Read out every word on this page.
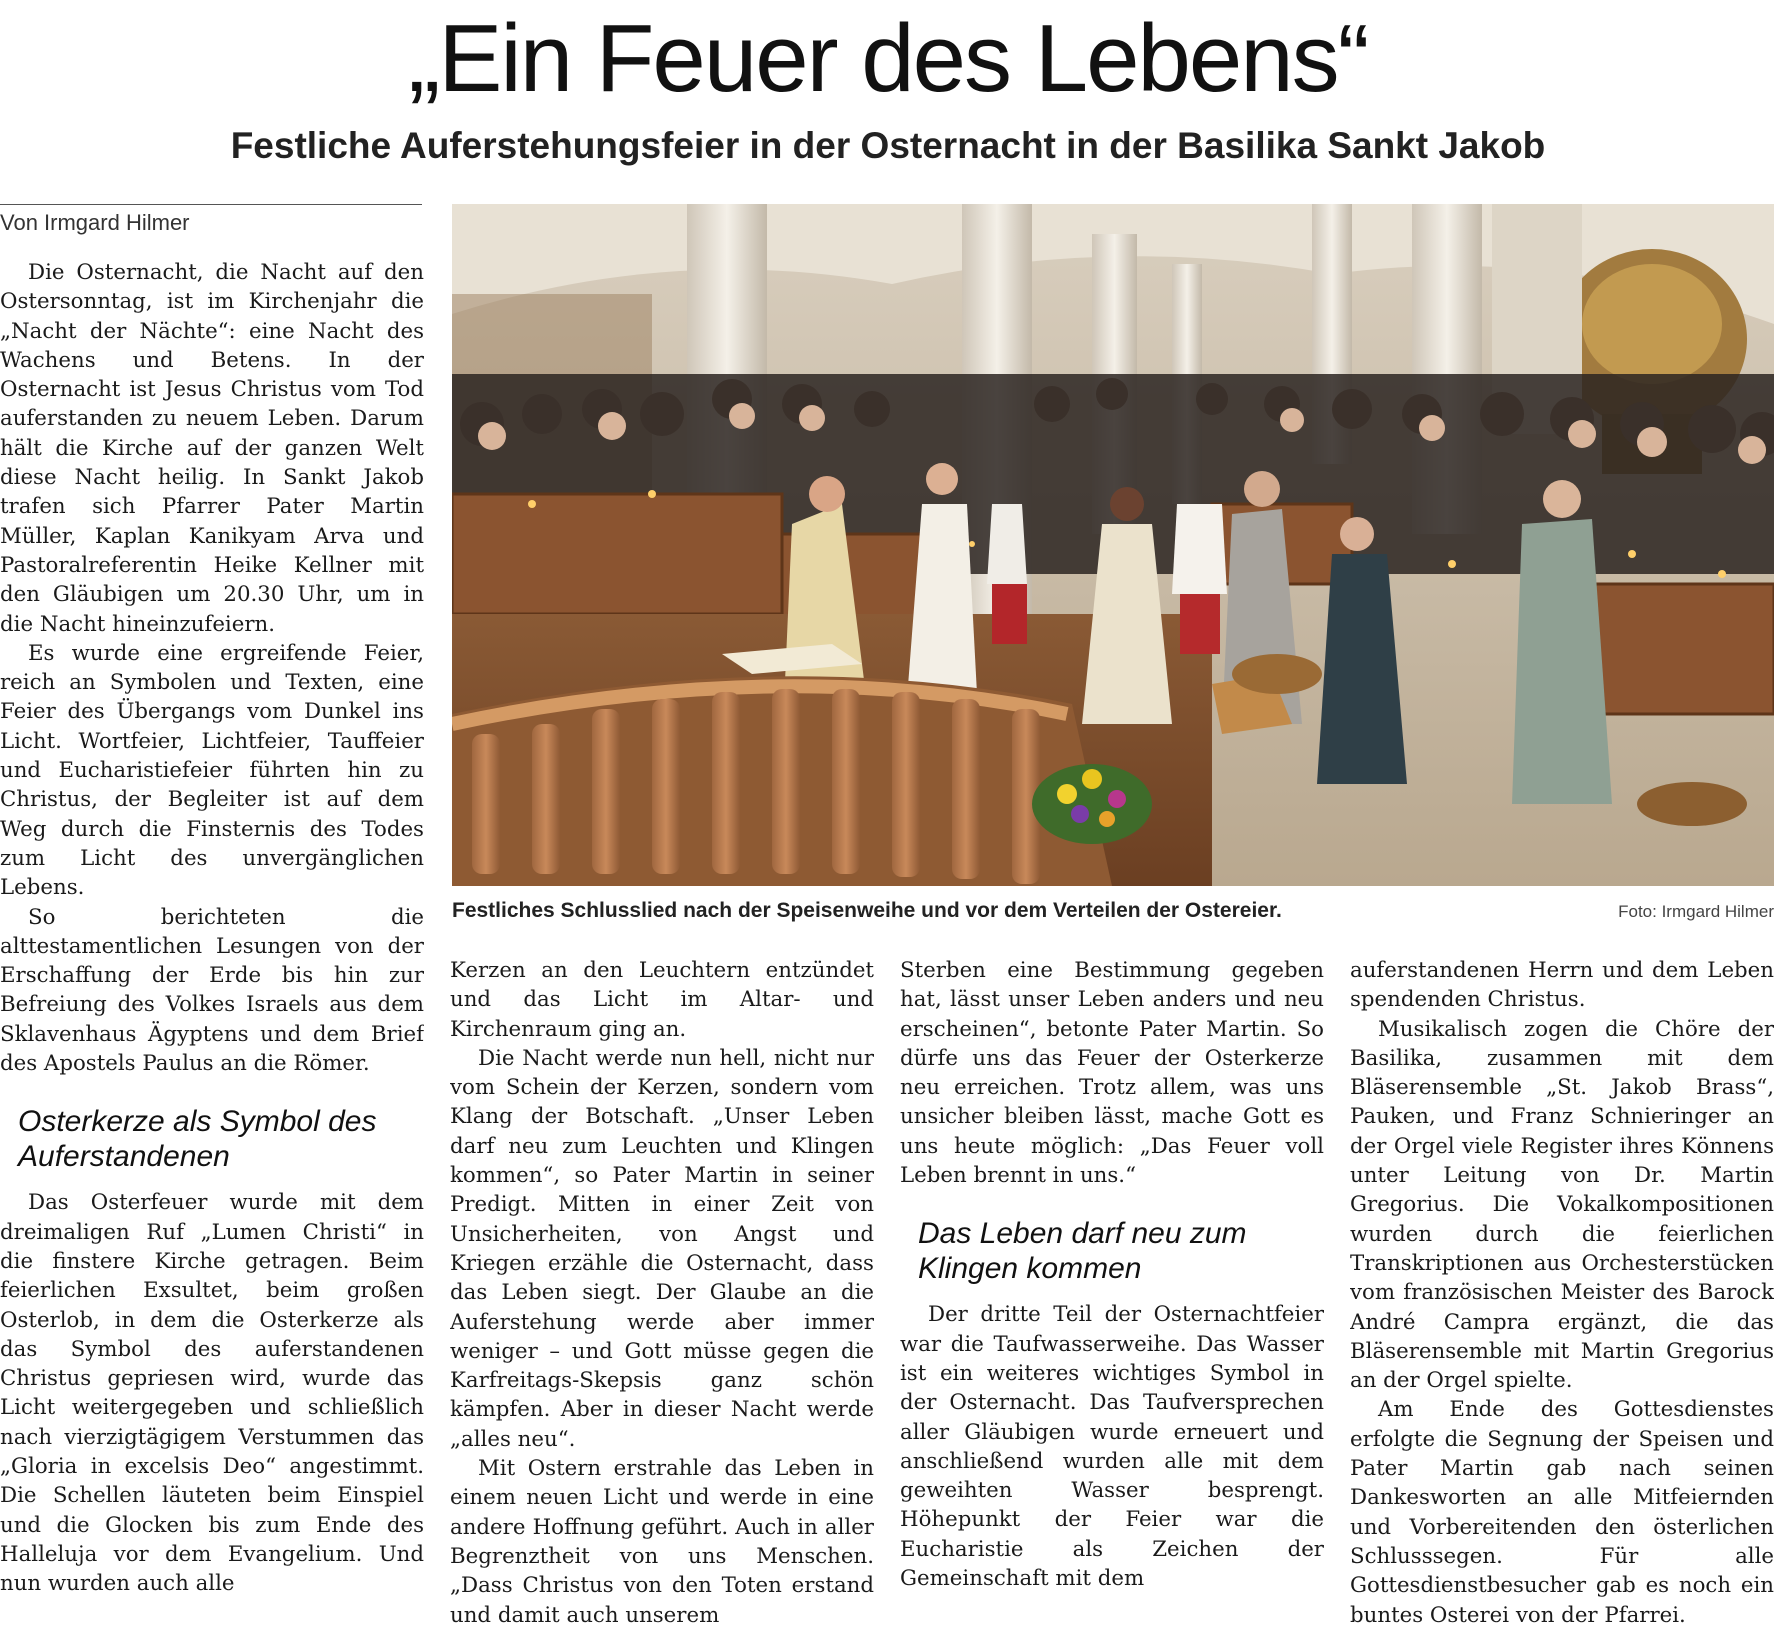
„Ein Feuer des Lebens“
Festliche Auferstehungsfeier in der Osternacht in der Basilika Sankt Jakob
Von Irmgard Hilmer

Die Osternacht, die Nacht auf den Ostersonntag, ist im Kirchenjahr die „Nacht der Nächte“: eine Nacht des Wachens und Betens. In der Osternacht ist Jesus Christus vom Tod auferstanden zu neuem Leben. Darum hält die Kirche auf der ganzen Welt diese Nacht heilig. In Sankt Jakob trafen sich Pfarrer Pater Martin Müller, Kaplan Kanikyam Arva und Pastoralreferentin Heike Kellner mit den Gläubigen um 20.30 Uhr, um in die Nacht hineinzufeiern.

Es wurde eine ergreifende Feier, reich an Symbolen und Texten, eine Feier des Übergangs vom Dunkel ins Licht. Wortfeier, Lichtfeier, Tauffeier und Eucharistiefeier führten hin zu Christus, der Begleiter ist auf dem Weg durch die Finsternis des Todes zum Licht des unvergänglichen Lebens.

So berichteten die alttestamentlichen Lesungen von der Erschaffung der Erde bis hin zur Befreiung des Volkes Israels aus dem Sklavenhaus Ägyptens und dem Brief des Apostels Paulus an die Römer.

Osterkerze als Symbol des Auferstandenen

Das Osterfeuer wurde mit dem dreimaligen Ruf „Lumen Christi“ in die finstere Kirche getragen. Beim feierlichen Exsultet, beim großen Osterlob, in dem die Osterkerze als das Symbol des auferstandenen Christus gepriesen wird, wurde das Licht weitergegeben und schließlich nach vierzigtägigem Verstummen das „Gloria in excelsis Deo“ angestimmt. Die Schellen läuteten beim Einspiel und die Glocken bis zum Ende des Halleluja vor dem Evangelium. Und nun wurden auch alle

Festliches Schlusslied nach der Speisenweihe und vor dem Verteilen der Ostereier.	Foto: Irmgard Hilmer

Kerzen an den Leuchtern entzündet und das Licht im Altar- und Kirchenraum ging an.

Die Nacht werde nun hell, nicht nur vom Schein der Kerzen, sondern vom Klang der Botschaft. „Unser Leben darf neu zum Leuchten und Klingen kommen“, so Pater Martin in seiner Predigt. Mitten in einer Zeit von Unsicherheiten, von Angst und Kriegen erzähle die Osternacht, dass das Leben siegt. Der Glaube an die Auferstehung werde aber immer weniger – und Gott müsse gegen die Karfreitags-Skepsis ganz schön kämpfen. Aber in dieser Nacht werde „alles neu“.

Mit Ostern erstrahle das Leben in einem neuen Licht und werde in eine andere Hoffnung geführt. Auch in aller Begrenztheit von uns Menschen. „Dass Christus von den Toten erstand und damit auch unserem

Sterben eine Bestimmung gegeben hat, lässt unser Leben anders und neu erscheinen“, betonte Pater Martin. So dürfe uns das Feuer der Osterkerze neu erreichen. Trotz allem, was uns unsicher bleiben lässt, mache Gott es uns heute möglich: „Das Feuer voll Leben brennt in uns.“

Das Leben darf neu zum Klingen kommen

Der dritte Teil der Osternachtfeier war die Taufwasserweihe. Das Wasser ist ein weiteres wichtiges Symbol in der Osternacht. Das Taufversprechen aller Gläubigen wurde erneuert und anschließend wurden alle mit dem geweihten Wasser besprengt. Höhepunkt der Feier war die Eucharistie als Zeichen der Gemeinschaft mit dem

auferstandenen Herrn und dem Leben spendenden Christus.

Musikalisch zogen die Chöre der Basilika, zusammen mit dem Bläserensemble „St. Jakob Brass“, Pauken, und Franz Schnieringer an der Orgel viele Register ihres Könnens unter Leitung von Dr. Martin Gregorius. Die Vokalkompositionen wurden durch die feierlichen Transkriptionen aus Orchesterstücken vom französischen Meister des Barock André Campra ergänzt, die das Bläserensemble mit Martin Gregorius an der Orgel spielte.

Am Ende des Gottesdienstes erfolgte die Segnung der Speisen und Pater Martin gab nach seinen Dankesworten an alle Mitfeiernden und Vorbereitenden den österlichen Schlusssegen. Für alle Gottesdienstbesucher gab es noch ein buntes Osterei von der Pfarrei.
